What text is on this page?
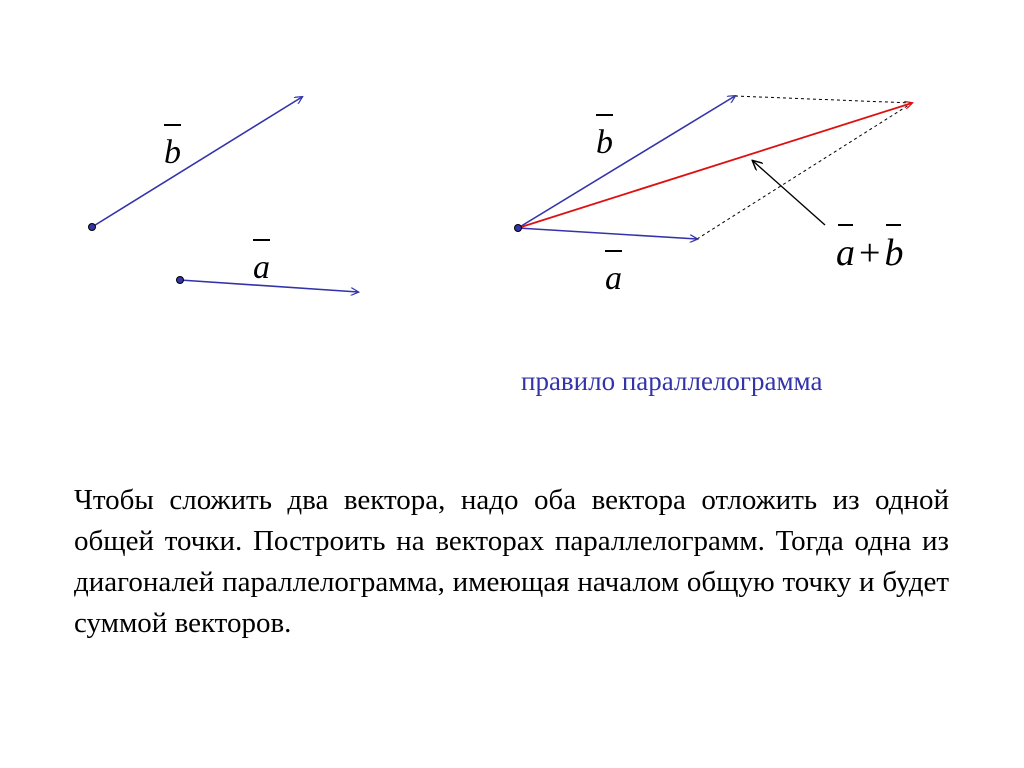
b
a
b
a
a + b
правило параллелограмма
Чтобы сложить два вектора, надо оба вектора отложить из одной общей точки. Построить на векторах параллелограмм. Тогда одна из диагоналей параллелограмма, имеющая началом общую точку и будет суммой векторов.
